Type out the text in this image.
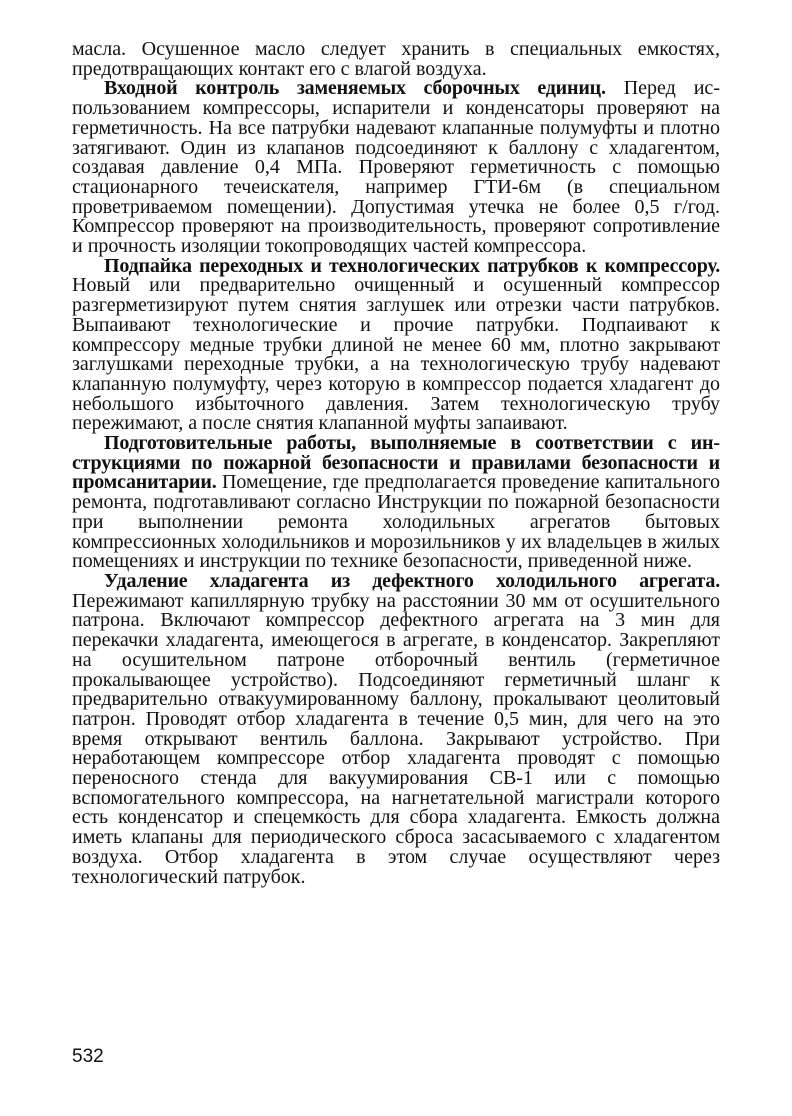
масла. Осушенное масло следует хранить в специальных емкостях, предотвращающих контакт его с влагой воздуха.

Входной контроль заменяемых сборочных единиц. Перед использованием компрессоры, испарители и конденсаторы проверяют на герметичность. На все патрубки надевают клапанные полумуфты и плотно затягивают. Один из клапанов подсоединяют к баллону с хладагентом, создавая давление 0,4 МПа. Проверяют герметичность с помощью стационарного течеискателя, например ГТИ-6м (в специальном проветриваемом помещении). Допустимая утечка не более 0,5 г/год. Компрессор проверяют на производительность, проверяют сопротивление и прочность изоляции токопроводящих частей компрессора.

Подпайка переходных и технологических патрубков к компрессору. Новый или предварительно очищенный и осушенный компрессор разгерметизируют путем снятия заглушек или отрезки части патрубков. Выпаивают технологические и прочие патрубки. Подпаивают к компрессору медные трубки длиной не менее 60 мм, плотно закрывают заглушками переходные трубки, а на технологическую трубу надевают клапанную полумуфту, через которую в компрессор подается хладагент до небольшого избыточного давления. Затем технологическую трубу пережимают, а после снятия клапанной муфты запаивают.

Подготовительные работы, выполняемые в соответствии с инструкциями по пожарной безопасности и правилами безопасности и промсанитарии. Помещение, где предполагается проведение капитального ремонта, подготавливают согласно Инструкции по пожарной безопасности при выполнении ремонта холодильных агрегатов бытовых компрессионных холодильников и морозильников у их владельцев в жилых помещениях и инструкции по технике безопасности, приведенной ниже.

Удаление хладагента из дефектного холодильного агрегата. Пережимают капиллярную трубку на расстоянии 30 мм от осушительного патрона. Включают компрессор дефектного агрегата на 3 мин для перекачки хладагента, имеющегося в агрегате, в конденсатор. Закрепляют на осушительном патроне отборочный вентиль (герметичное прокалывающее устройство). Подсоединяют герметичный шланг к предварительно отвакуумированному баллону, прокалывают цеолитовый патрон. Проводят отбор хладагента в течение 0,5 мин, для чего на это время открывают вентиль баллона. Закрывают устройство. При неработающем компрессоре отбор хладагента проводят с помощью переносного стенда для вакуумирования СВ-1 или с помощью вспомогательного компрессора, на нагнетательной магистрали которого есть конденсатор и спецемкость для сбора хладагента. Емкость должна иметь клапаны для периодического сброса засасываемого с хладагентом воздуха. Отбор хладагента в этом случае осуществляют через технологический патрубок.

532
